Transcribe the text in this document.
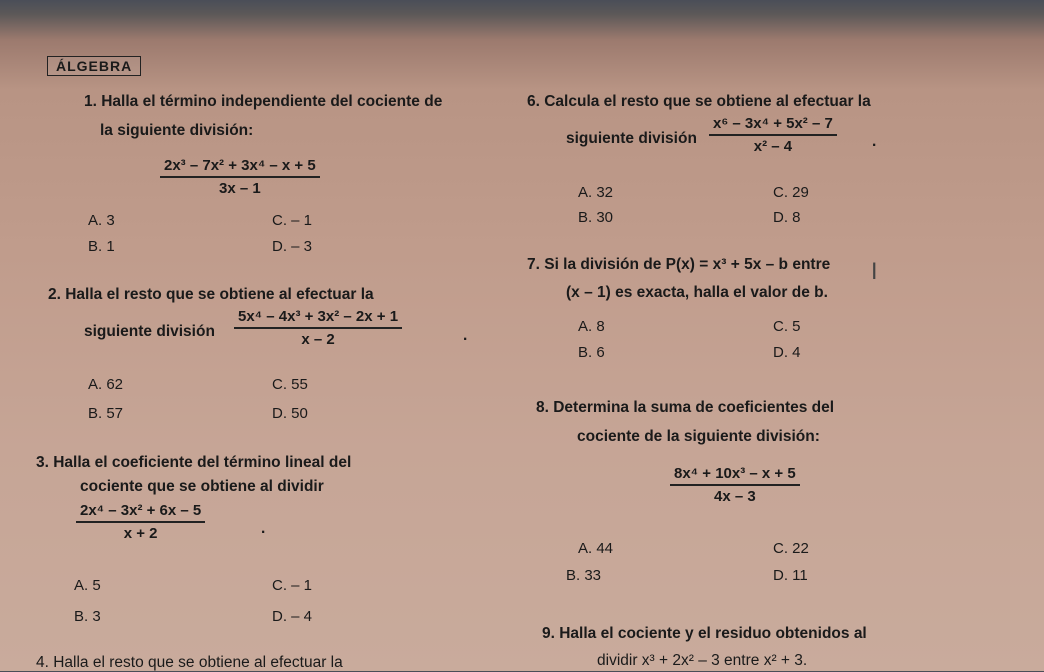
ÁLGEBRA
1. Halla el término independiente del cociente de
la siguiente división:
$\frac{\text{2x³ – 7x² + 3x⁴ – x + 5}}{3x - 1}$
A. 3	C. – 1
B. 1	D. – 3
2. Halla el resto que se obtiene al efectuar la
siguiente división $\frac{\text{5x⁴ – 4x³ + 3x² – 2x + 1}}{x - 2}$	.
A. 62	C. 55
B. 57	D. 50
3. Halla el coeficiente del término lineal del
cociente que se obtiene al dividir
$\frac{\text{2x⁴ – 3x² + 6x – 5}}{x + 2}$	.
A. 5	C. – 1
B. 3	D. – 4
4. Halla el resto que se obtiene al efectuar la
6. Calcula el resto que se obtiene al efectuar la
siguiente división $\frac{\text{x⁶ – 3x⁴ + 5x² – 7}}{\text{x² – 4}}$ .
A. 32	C. 29
B. 30	D. 8
7. Si la división de P(x) = x³ + 5x – b entre
(x – 1) es exacta, halla el valor de b.
I
A. 8	C. 5
B. 6	D. 4
8. Determina la suma de coeficientes del
cociente de la siguiente división:
$\frac{\text{8x⁴ + 10x³ – x + 5}}{4x - 3}$
A. 44	C. 22
B. 33	D. 11
9. Halla el cociente y el residuo obtenidos al
dividir x³ + 2x² – 3 entre x² + 3.
